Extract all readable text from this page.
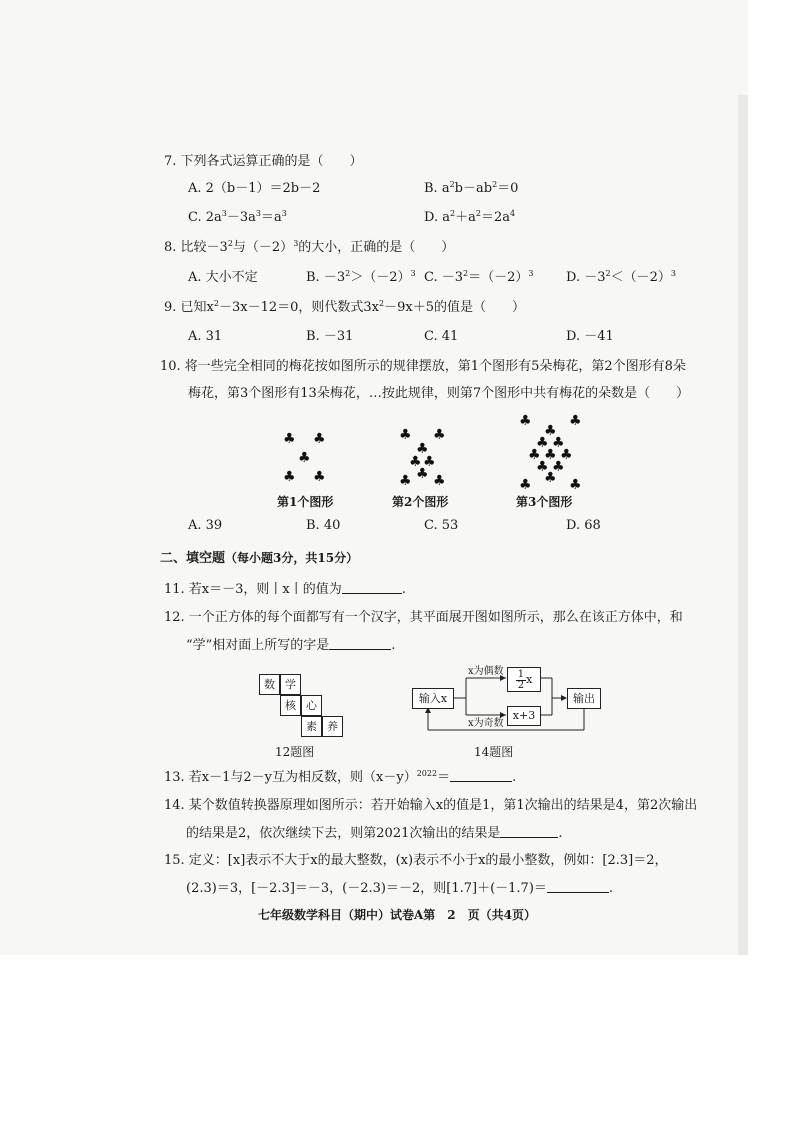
7. 下列各式运算正确的是（　　）
A. 2（b－1）＝2b－2	B. $a^2b-ab^2=0$
C. $2a^3-3a^3=a^3$	D. $a^2+a^2=2a^4$
8. 比较$-3^2$与$(-2)^3$的大小，正确的是（　　）
A. 大小不定	B. $-3^2>(-2)^3$ C. $-3^2=(-2)^3$	D. $-3^2<(-2)^3$
9. 已知$x^2-3x-12=0$，则代数式$3x^2-9x+5$的值是（　　）
A. 31	B. －31	C. 41	D. －41
10. 将一些完全相同的梅花按如图所示的规律摆放，第1个图形有5朵梅花，第2个图形有8朵
梅花，第3个图形有13朵梅花，…按此规律，则第7个图形中共有梅花的朵数是（　　）
♣ ♣
♣
♣ ♣
第1个图形
♣ ♣
♣
♣ ♣
♣
♣ ♣
第2个图形
♣	♣
♣
♣ ♣
♣ ♣ ♣
♣ ♣
♣
♣	♣
第3个图形
A. 39	B. 40	C. 53	D. 68
二、填空题（每小题3分，共15分）
11. 若x＝－3，则丨x丨的值为	.
12. 一个正方体的每个面都写有一个汉字，其平面展开图如图所示，那么在该正方体中，和
“学”相对面上所写的字是	.
数 学
核 心
素 养
12题图
输入x
x为偶数 $\frac{1}{2}$ x
x+3
x为奇数
输出
14题图
13. 若x－1与2－y互为相反数，则$(x-y)^{2022}=$	.
14. 某个数值转换器原理如图所示：若开始输入x的值是1，第1次输出的结果是4，第2次输出
的结果是2，依次继续下去，则第2021次输出的结果是	.
15. 定义：[x]表示不大于x的最大整数，(x)表示不小于x的最小整数，例如：[2.3]＝2，
(2.3)＝3，[－2.3]＝－3，(－2.3)＝－2，则[1.7]＋(－1.7)＝	.
七年级数学科目（期中）试卷A第　2　页（共4页）
